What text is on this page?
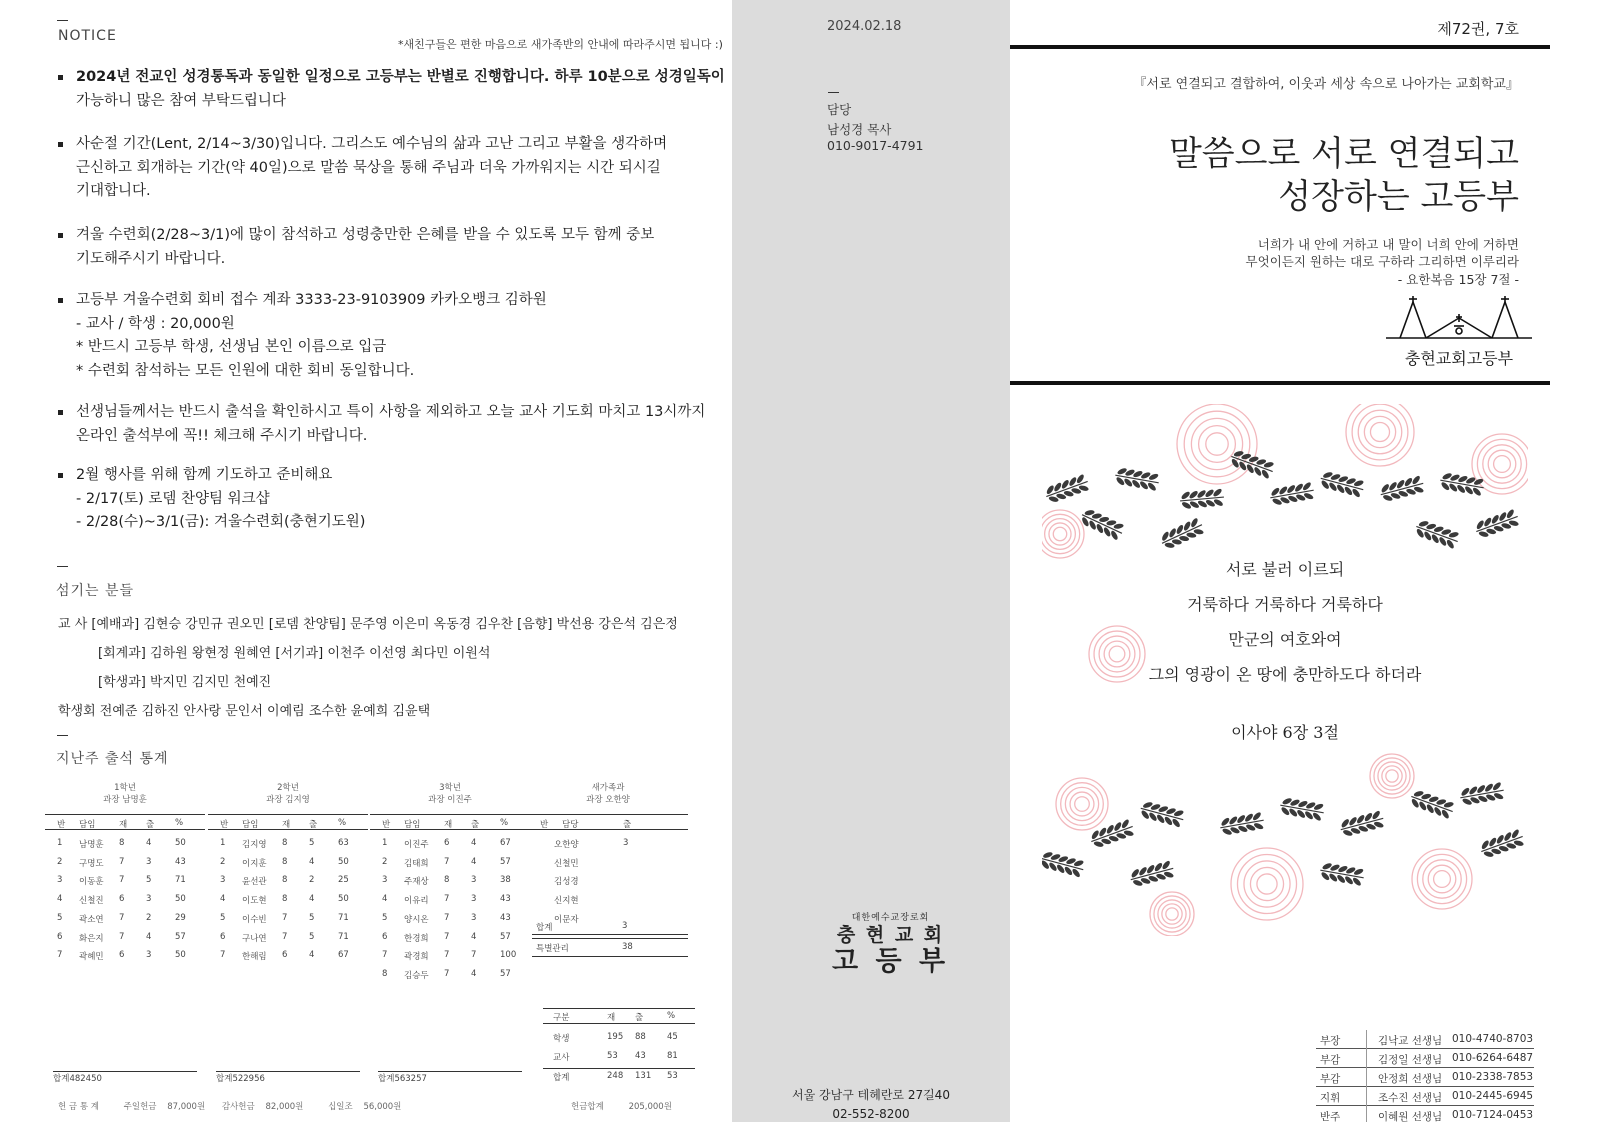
NOTICE
*새친구들은 편한 마음으로 새가족반의 안내에 따라주시면 됩니다 :)
2024년 전교인 성경통독과 동일한 일정으로 고등부는 반별로 진행합니다. 하루 10분으로 성경일독이
가능하니 많은 참여 부탁드립니다
사순절 기간(Lent, 2/14~3/30)입니다. 그리스도 예수님의 삶과 고난 그리고 부활을 생각하며
근신하고 회개하는 기간(약 40일)으로 말씀 묵상을 통해 주님과 더욱 가까워지는 시간 되시길
기대합니다.
겨울 수련회(2/28~3/1)에 많이 참석하고 성령충만한 은혜를 받을 수 있도록 모두 함께 중보
기도해주시기 바랍니다.
고등부 겨울수련회 회비 접수 계좌 3333-23-9103909 카카오뱅크 김하원
- 교사 / 학생 : 20,000원
* 반드시 고등부 학생, 선생님 본인 이름으로 입금
* 수련회 참석하는 모든 인원에 대한 회비 동일합니다.
선생님들께서는 반드시 출석을 확인하시고 특이 사항을 제외하고 오늘 교사 기도회 마치고 13시까지
온라인 출석부에 꼭!! 체크해 주시기 바랍니다.
2월 행사를 위해 함께 기도하고 준비해요
- 2/17(토) 로뎀 찬양팀 워크샵
- 2/28(수)~3/1(금): 겨울수련회(충현기도원)
섬기는 분들
교 사 [예배과] 김현승 강민규 권오민 [로뎀 찬양팀] 문주영 이은미 옥동경 김우찬 [음향] 박선용 강은석 김은정
[회계과] 김하원 왕현정 원혜연 [서기과] 이천주 이선영 최다민 이원석
[학생과] 박지민 김지민 천예진
학생회 전예준 김하진 안사랑 문인서 이예림 조수한 윤예희 김윤택
지난주 출석 통계
1학년
과장 남명훈
반 담임	재 출 %
1 남명훈 8	4	50
2 구명도 7	3	43
3 이동훈 7	5	71
4 신철진 6	3	50
5 곽소연 7	2	29
6 화은지 7	4	57
7 곽혜민 6	3	50
2학년
과장 김지영
반 담임	재 출 %
1 김지영 8	5	63
2 이지훈 8	4	50
3 윤선관 8	2	25
4 이도현 8	4	50
5 이수빈 7	5	71
6 구나연 7	5	71
7 한해림 6	4	67
3학년
과장 이진주
반 담임	재 출 %
1 이진주 6	4	67
2 김태희 7	4	57
3 주재상 8	3	38
4 이유리 7	3	43
5 양시온 7	3	43
6 한경희 7	4	57
7 곽경희 7	7	100
8 김승두 7	4	57
새가족과
과장 오한양
반 담당	출
오한양	3
신철민
김성경
신지현
이문자
합계	3
특별관리	38
구분	재 출	%
학생	195 88 45
교사	53 43 81
합계	248 131 53
헌 금 통 계	주일헌금 87,000원 감사헌금 82,000원	십일조 56,000원	헌금합계	205,000원
합계482450	합계522956	합계563257
2024.02.18
담당
남성경 목사
010-9017-4791
대한예수교장로회
충 현 교 회
고 등 부
서울 강남구 테헤란로 27길40
02-552-8200
제72권, 7호
『서로 연결되고 결합하여, 이웃과 세상 속으로 나아가는 교회학교』
말씀으로 서로 연결되고
성장하는 고등부
너희가 내 안에 거하고 내 말이 너희 안에 거하면
무엇이든지 원하는 대로 구하라 그리하면 이루리라
- 요한복음 15장 7절 -
충현교회고등부
서로 불러 이르되
거룩하다 거룩하다 거룩하다
만군의 여호와여
그의 영광이 온 땅에 충만하도다 하더라
이사야 6장 3절
부장	김낙교 선생님 010-4740-8703
부감	김정일 선생님 010-6264-6487
부감	안정희 선생님 010-2338-7853
지휘	조수진 선생님 010-2445-6945
반주	이혜원 선생님 010-7124-0453
